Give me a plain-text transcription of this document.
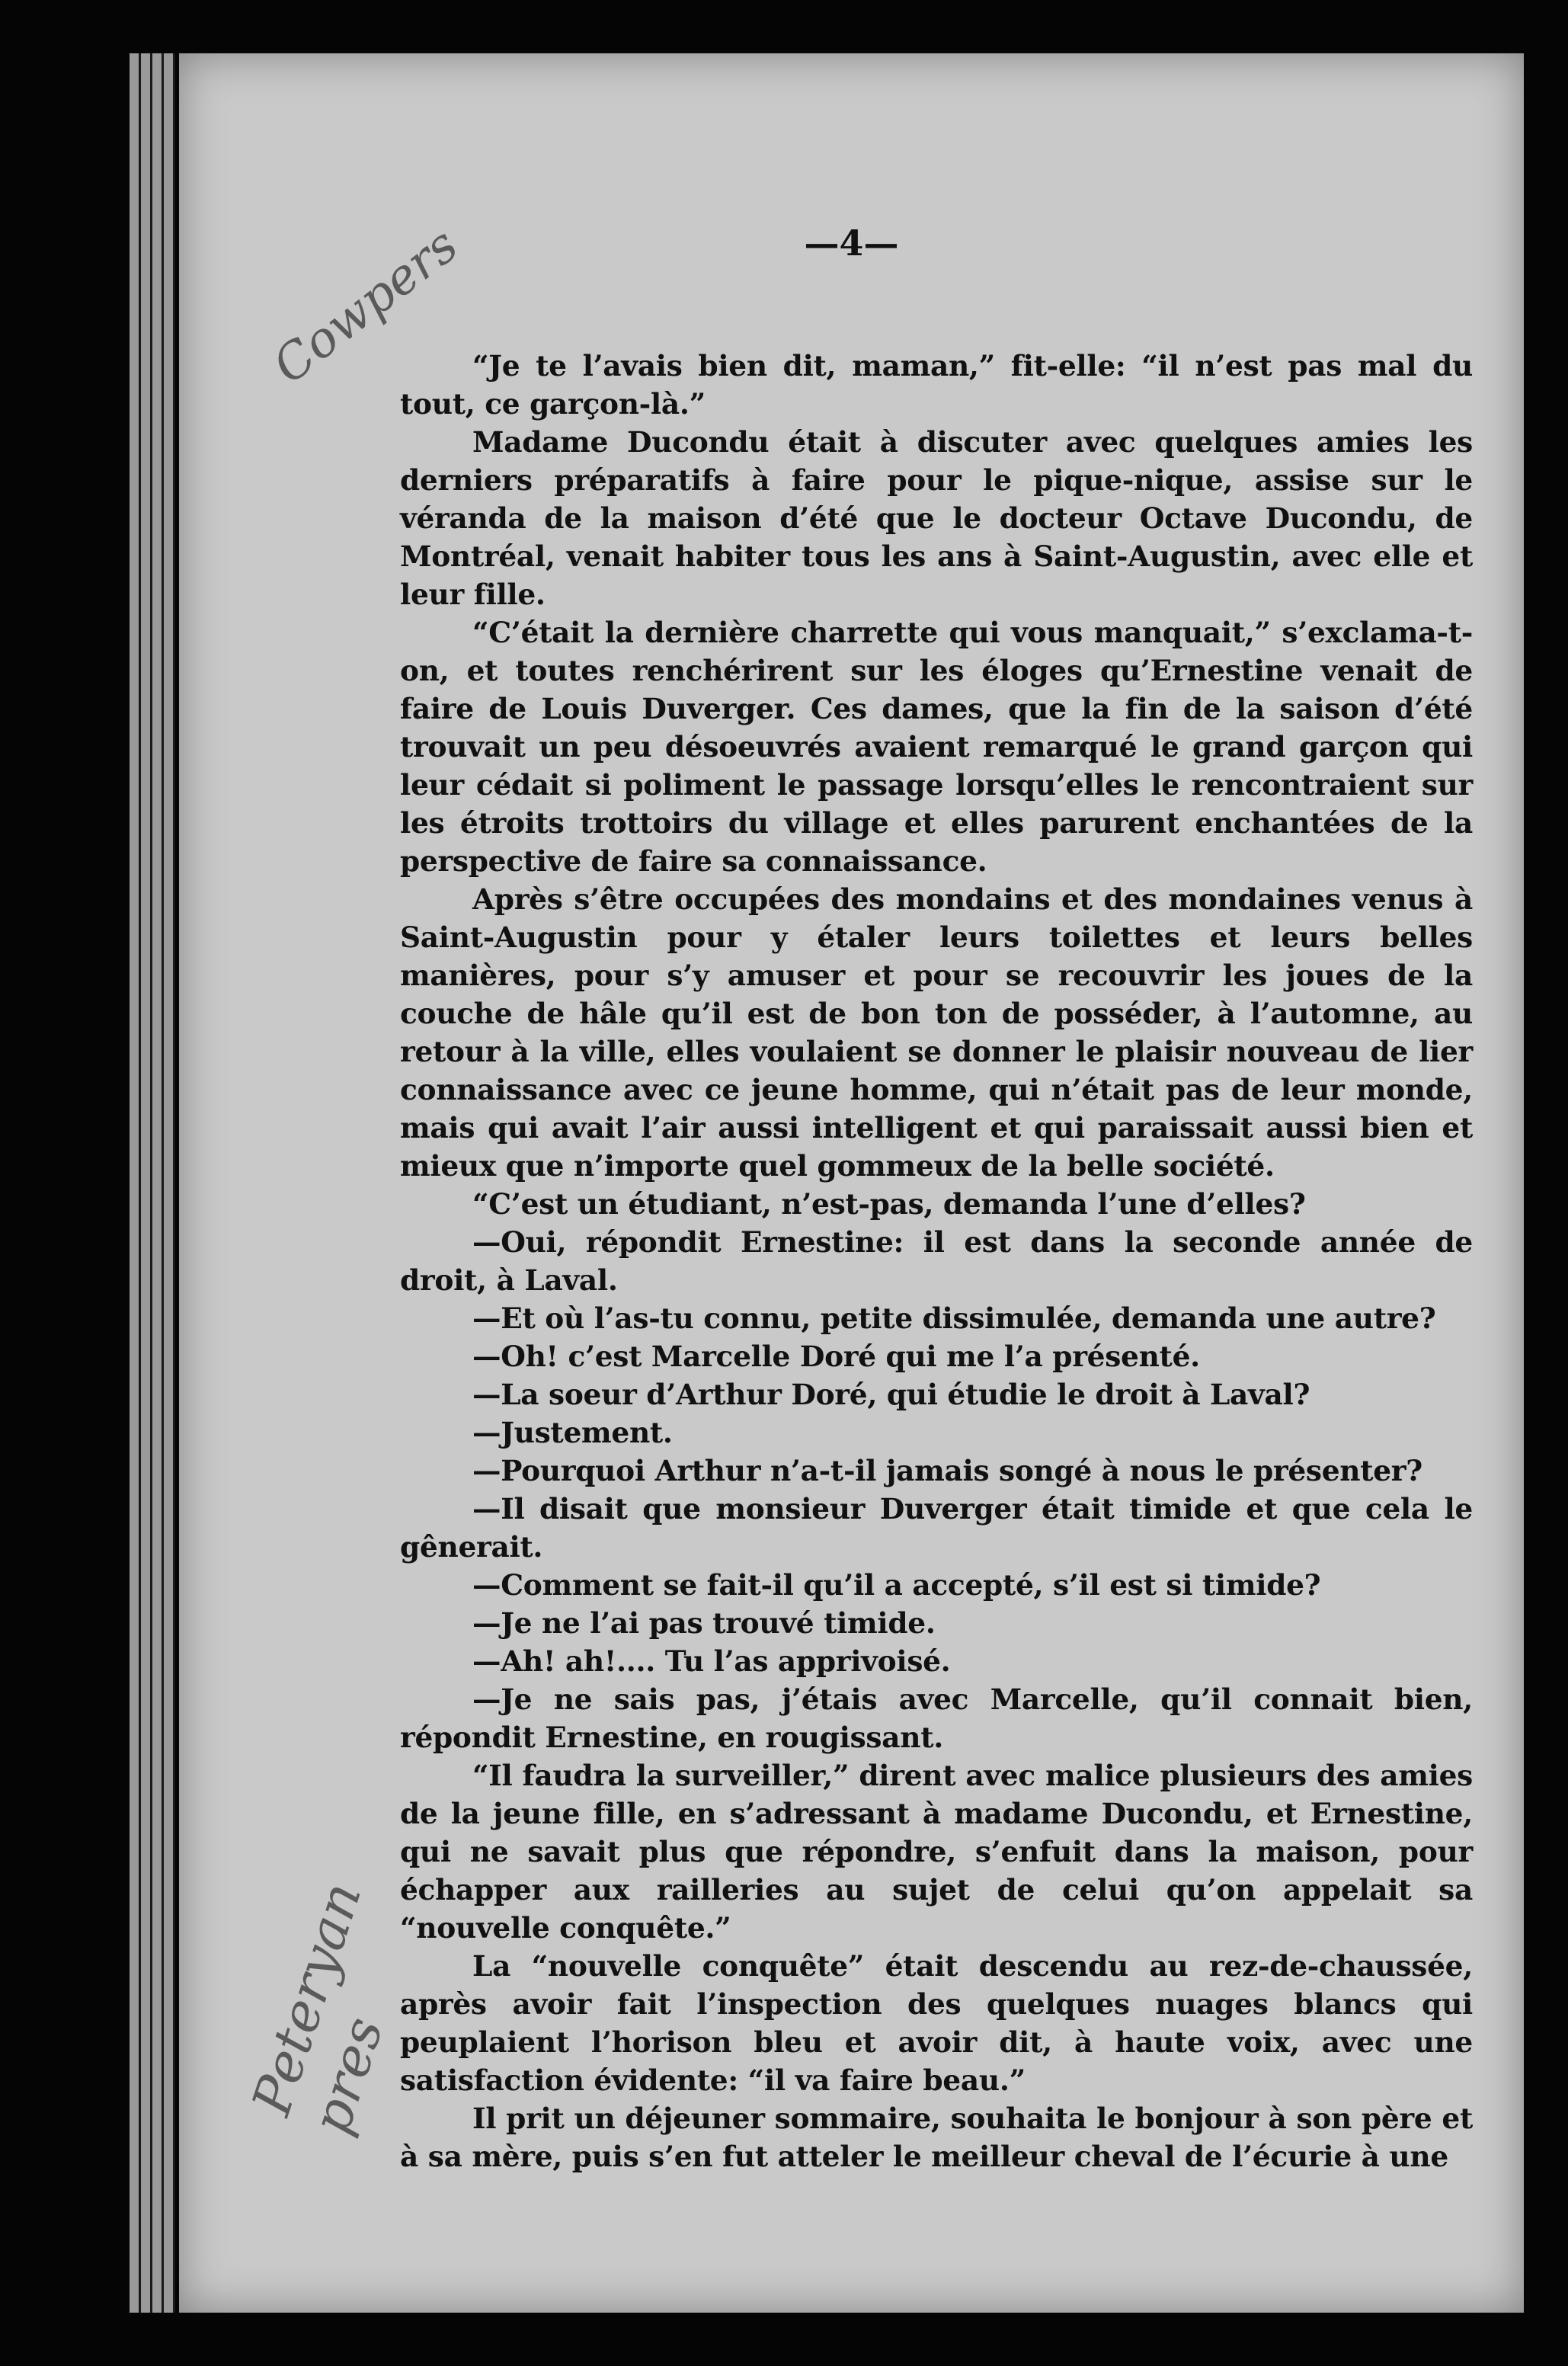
—4—
Cowpers
Peteryan pres

“Je te l’avais bien dit, maman,” fit-elle: “il n’est pas mal du tout, ce garçon-là.”

Madame Ducondu était à discuter avec quelques amies les derniers préparatifs à faire pour le pique-nique, assise sur le véranda de la maison d’été que le docteur Octave Ducondu, de Montréal, venait habiter tous les ans à Saint-Augustin, avec elle et leur fille.

“C’était la dernière charrette qui vous manquait,” s’exclama-t-on, et toutes renchérirent sur les éloges qu’Ernestine venait de faire de Louis Duverger. Ces dames, que la fin de la saison d’été trouvait un peu désoeuvrés avaient remarqué le grand garçon qui leur cédait si poliment le passage lorsqu’elles le rencontraient sur les étroits trottoirs du village et elles parurent enchantées de la perspective de faire sa connaissance.

Après s’être occupées des mondains et des mondaines venus à Saint-Augustin pour y étaler leurs toilettes et leurs belles manières, pour s’y amuser et pour se recouvrir les joues de la couche de hâle qu’il est de bon ton de posséder, à l’automne, au retour à la ville, elles voulaient se donner le plaisir nouveau de lier connaissance avec ce jeune homme, qui n’était pas de leur monde, mais qui avait l’air aussi intelligent et qui paraissait aussi bien et mieux que n’importe quel gommeux de la belle société.

“C’est un étudiant, n’est-pas, demanda l’une d’elles?

—Oui, répondit Ernestine: il est dans la seconde année de droit, à Laval.

—Et où l’as-tu connu, petite dissimulée, demanda une autre?

—Oh! c’est Marcelle Doré qui me l’a présenté.

—La soeur d’Arthur Doré, qui étudie le droit à Laval?

—Justement.

—Pourquoi Arthur n’a-t-il jamais songé à nous le présenter?

—Il disait que monsieur Duverger était timide et que cela le gênerait.

—Comment se fait-il qu’il a accepté, s’il est si timide?

—Je ne l’ai pas trouvé timide.

—Ah! ah!.... Tu l’as apprivoisé.

—Je ne sais pas, j’étais avec Marcelle, qu’il connait bien, répondit Ernestine, en rougissant.

“Il faudra la surveiller,” dirent avec malice plusieurs des amies de la jeune fille, en s’adressant à madame Ducondu, et Ernestine, qui ne savait plus que répondre, s’enfuit dans la maison, pour échapper aux railleries au sujet de celui qu’on appelait sa “nouvelle conquête.”

La “nouvelle conquête” était descendu au rez-de-chaussée, après avoir fait l’inspection des quelques nuages blancs qui peuplaient l’horison bleu et avoir dit, à haute voix, avec une satisfaction évidente: “il va faire beau.”

Il prit un déjeuner sommaire, souhaita le bonjour à son père et à sa mère, puis s’en fut atteler le meilleur cheval de l’écurie à une
